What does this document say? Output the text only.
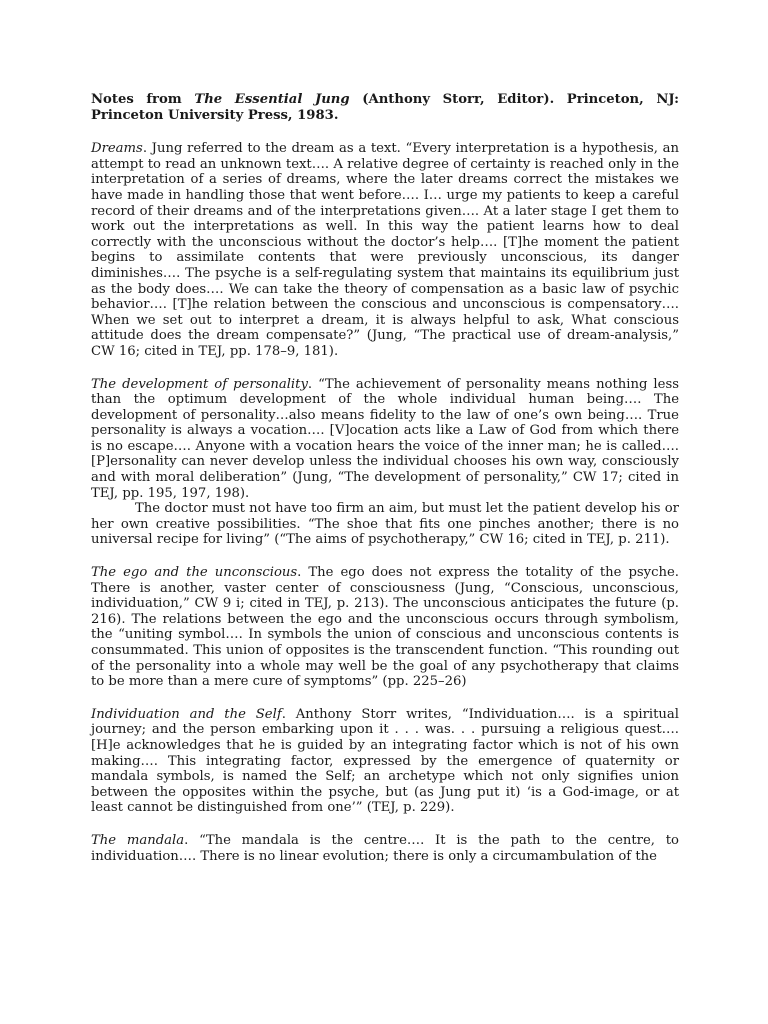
Notes from The Essential Jung (Anthony Storr, Editor). Princeton, NJ: Princeton University Press, 1983.

Dreams. Jung referred to the dream as a text. “Every interpretation is a hypothesis, an attempt to read an unknown text…. A relative degree of certainty is reached only in the interpretation of a series of dreams, where the later dreams correct the mistakes we have made in handling those that went before…. I… urge my patients to keep a careful record of their dreams and of the interpretations given…. At a later stage I get them to work out the interpretations as well. In this way the patient learns how to deal correctly with the unconscious without the doctor’s help…. [T]he moment the patient begins to assimilate contents that were previously unconscious, its danger diminishes…. The psyche is a self-regulating system that maintains its equilibrium just as the body does…. We can take the theory of compensation as a basic law of psychic behavior…. [T]he relation between the conscious and unconscious is compensatory…. When we set out to interpret a dream, it is always helpful to ask, What conscious attitude does the dream compensate?” (Jung, “The practical use of dream-analysis,” CW 16; cited in TEJ, pp. 178–9, 181).

The development of personality. “The achievement of personality means nothing less than the optimum development of the whole individual human being…. The development of personality…also means fidelity to the law of one’s own being…. True personality is always a vocation…. [V]ocation acts like a Law of God from which there is no escape…. Anyone with a vocation hears the voice of the inner man; he is called…. [P]ersonality can never develop unless the individual chooses his own way, consciously and with moral deliberation” (Jung, “The development of personality,” CW 17; cited in TEJ, pp. 195, 197, 198).

The doctor must not have too firm an aim, but must let the patient develop his or her own creative possibilities. “The shoe that fits one pinches another; there is no universal recipe for living” (“The aims of psychotherapy,” CW 16; cited in TEJ, p. 211).

The ego and the unconscious. The ego does not express the totality of the psyche. There is another, vaster center of consciousness (Jung, “Conscious, unconscious, individuation,” CW 9 i; cited in TEJ, p. 213). The unconscious anticipates the future (p. 216). The relations between the ego and the unconscious occurs through symbolism, the “uniting symbol…. In symbols the union of conscious and unconscious contents is consummated. This union of opposites is the transcendent function. “This rounding out of the personality into a whole may well be the goal of any psychotherapy that claims to be more than a mere cure of symptoms” (pp. 225–26)

Individuation and the Self. Anthony Storr writes, “Individuation…. is a spiritual journey; and the person embarking upon it . . . was. . . pursuing a religious quest…. [H]e acknowledges that he is guided by an integrating factor which is not of his own making…. This integrating factor, expressed by the emergence of quaternity or mandala symbols, is named the Self; an archetype which not only signifies union between the opposites within the psyche, but (as Jung put it) ‘is a God-image, or at least cannot be distinguished from one’” (TEJ, p. 229).

The mandala. “The mandala is the centre…. It is the path to the centre, to individuation…. There is no linear evolution; there is only a circumambulation of the
